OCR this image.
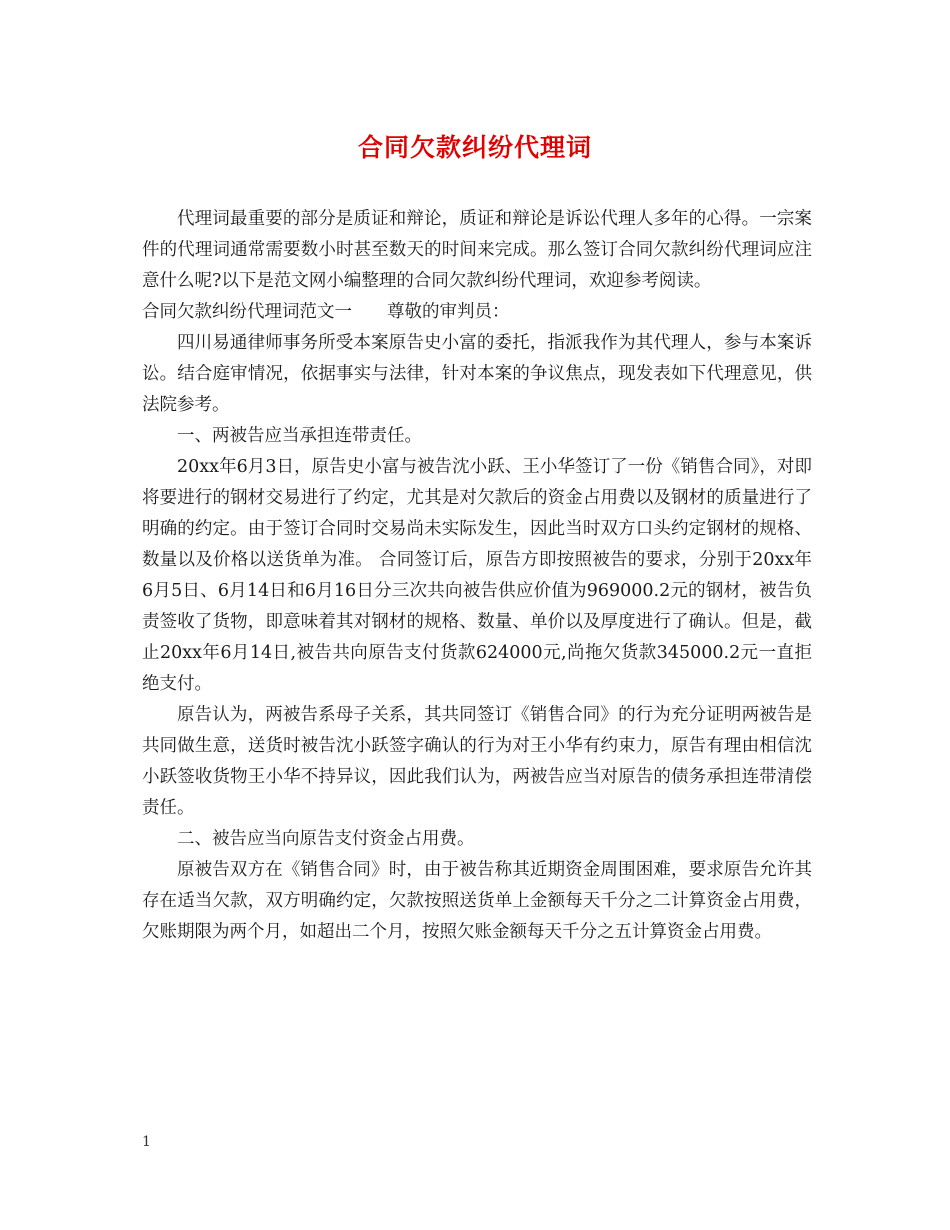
合同欠款纠纷代理词

代理词最重要的部分是质证和辩论，质证和辩论是诉讼代理人多年的心得。一宗案件的代理词通常需要数小时甚至数天的时间来完成。那么签订合同欠款纠纷代理词应注意什么呢?以下是范文网小编整理的合同欠款纠纷代理词，欢迎参考阅读。

合同欠款纠纷代理词范文一　　尊敬的审判员：

四川易通律师事务所受本案原告史小富的委托，指派我作为其代理人，参与本案诉讼。结合庭审情况，依据事实与法律，针对本案的争议焦点，现发表如下代理意见，供法院参考。

一、两被告应当承担连带责任。

20xx年6月3日，原告史小富与被告沈小跃、王小华签订了一份《销售合同》，对即将要进行的钢材交易进行了约定，尤其是对欠款后的资金占用费以及钢材的质量进行了明确的约定。由于签订合同时交易尚未实际发生，因此当时双方口头约定钢材的规格、数量以及价格以送货单为准。 合同签订后，原告方即按照被告的要求，分别于20xx年6月5日、6月14日和6月16日分三次共向被告供应价值为969000.2元的钢材，被告负责签收了货物，即意味着其对钢材的规格、数量、单价以及厚度进行了确认。但是，截止20xx年6月14日,被告共向原告支付货款624000元,尚拖欠货款345000.2元一直拒绝支付。

原告认为，两被告系母子关系，其共同签订《销售合同》的行为充分证明两被告是共同做生意，送货时被告沈小跃签字确认的行为对王小华有约束力，原告有理由相信沈小跃签收货物王小华不持异议，因此我们认为，两被告应当对原告的债务承担连带清偿责任。

二、被告应当向原告支付资金占用费。

原被告双方在《销售合同》时，由于被告称其近期资金周围困难，要求原告允许其存在适当欠款，双方明确约定，欠款按照送货单上金额每天千分之二计算资金占用费，欠账期限为两个月，如超出二个月，按照欠账金额每天千分之五计算资金占用费。

1
